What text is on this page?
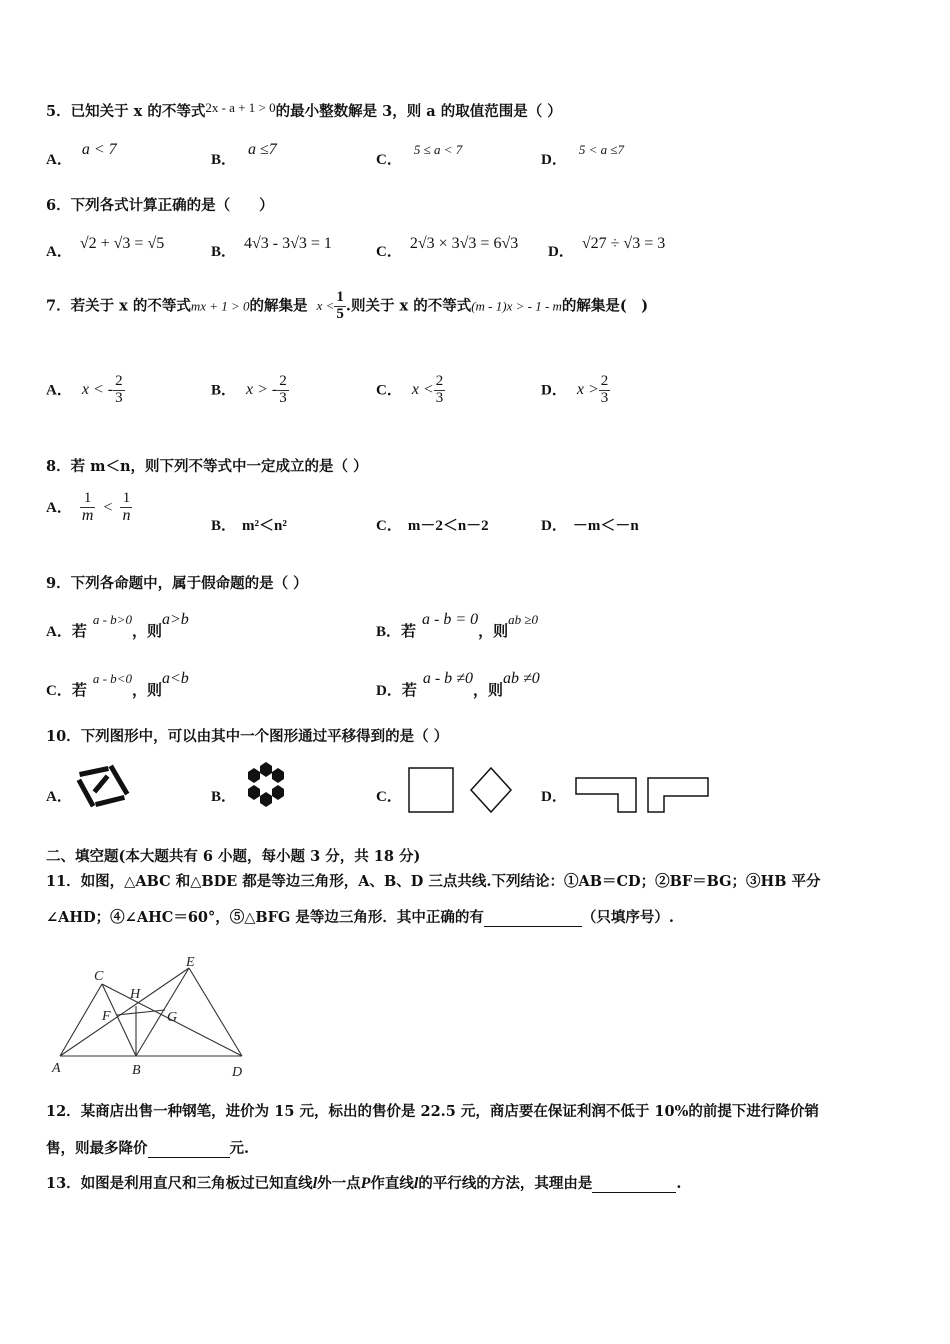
5．已知关于 x 的不等式2x - a + 1 > 0的最小整数解是 3，则 a 的取值范围是（ ）
A．a < 7
B．a ≤7
C．5 ≤ a < 7
D．5 < a ≤7
6．下列各式计算正确的是（　　）
A． √2 + √3 = √5	B． 4√3 - 3√3 = 1	C． 2√3 × 3√3 = 6√3 D． √27 ÷ √3 = 3
7．若关于 x 的不等式mx + 1 > 0的解集是 $x < \frac{1}{5}$ .则关于 x 的不等式(m - 1)x > - 1 - m的解集是(　)
A． x < - $\frac{2}{3}$	B． x > - $\frac{2}{3}$	C． $x < \frac{2}{3}$	D． $x > \frac{2}{3}$
8．若 m＜n，则下列不等式中一定成立的是（ ）
A． $\frac{1}{m} < \frac{1}{n}$
B． m²＜n²	C． m－2＜n－2	D． －m＜－n
9．下列各命题中，属于假命题的是（ ）
A．若a - b>0，则a>b
B．若a - b = 0，则ab ≥0
C．若a - b<0，则a<b
D．若a - b ≠0，则ab ≠0
10．下列图形中，可以由其中一个图形通过平移得到的是（ ）
A．	B．	C．	D．
二、填空题(本大题共有 6 小题，每小题 3 分，共 18 分)
11．如图，△ABC 和△BDE 都是等边三角形，A、B、D 三点共线.下列结论：①AB＝CD；②BF＝BG；③HB 平分
∠AHD；④∠AHC＝60°，⑤△BFG 是等边三角形．其中正确的有	（只填序号）.
A	B
C
D
E
F	G
H
12．某商店出售一种钢笔，进价为 15 元，标出的售价是 22.5 元，商店要在保证利润不低于 10%的前提下进行降价销
售，则最多降价	元.
13．如图是利用直尺和三角板过已知直线l外一点P作直线l的平行线的方法，其理由是	.
